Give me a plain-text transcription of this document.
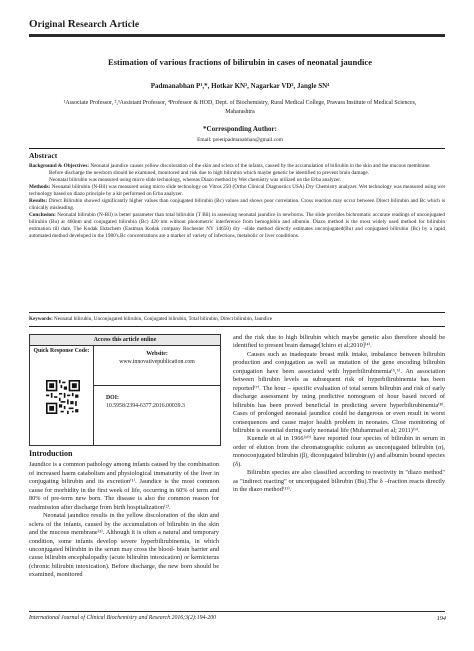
Original Research Article
Estimation of various fractions of bilirubin in cases of neonatal jaundice
Padmanabhan P¹,*, Hotkar KN², Nagarkar VD³, Jangle SN⁴
¹Associate Professor, ²,³Assistant Professor, ⁴Professor & HOD, Dept. of Biochemistry, Rural Medical College, Pravara Institute of Medical Sciences, Maharashtra
*Corresponding Author:
Email: preetipadmanabhan@gmail.com
Abstract

Background & Objectives: Neonatal jaundice causes yellow discoloration of the skin and sclera of the infants, caused by the accumulation of bilirubin in the skin and the mucous membrane.

Before discharge the newborn should be examined, monitored and risk due to high bilirubin which maybe genetic be identified to prevent brain damage.

Neonatal bilirubin was measured using micro slide technology, whereas Diazo method by Wet chemistry was utilized on the Erba analyzer.

Methods: Neonatal bilirubin (N-Bil) was measured using micro slide technology on Vitros 250 (Ortho Clinical Diagnostics USA) Dry Chemistry analyzer. Wet technology was measured using wet technology based on diazo principle by a kit performed on Erba analyzer.

Results: Direct Bilirubin showed significantly higher values than conjugated bilirubin (Bc) values and shows poor correlation. Cross reaction may occur between Direct bilirubin and Bc which is clinically misleading.

Conclusion: Neonatal bilirubin (N-Bil) is better parameter than total bilirubin (T Bil) in assessing neonatal jaundice in newborns. The slide provides bichromatic accurate readings of unconjugated bilirubin (Bu) at 460nm and conjugated bilirubin (Bc) 420 nm without photometric interference from hemoglobin and albumin. Diazo method is the most widely used method for bilirubin estimation till date. The Kodak Ektachem (Eastman Kodak company Rochester NY 14650) dry –slide method directly estimates unconjugated(Bu) and conjugated bilirubin (Bc) by a rapid automated method developed in the 1980's.Bc concentrations are a marker of variety of infections, metabolic or liver conditions.

Keywords: Neonatal bilirubin, Unconjugated bilirubin, Conjugated bilirubin, Total bilirubin, Direct bilirubin, Jaundice
Access this article online
Quick Response Code:	Website:
www.innovativepublication.com
DOI:
10.5958/2394-6377.2016.00039.3
Introduction

Jaundice is a common pathology among infants caused by the combination of increased haem catabolism and physiological immaturity of the liver in conjugating bilirubin and its excretion⁽¹⁾. Jaundice is the most common cause for morbidity in the first week of life, occurring in 60% of term and 80% of pre-term new born. The disease is also the common reason for readmission after discharge from birth hospitalization⁽²⁾.

Neonatal jaundice results in the yellow discoloration of the skin and sclera of the infants, caused by the accumulation of bilirubin in the skin and the mucous membrane⁽³⁾. Although it is often a natural and temporary condition, some infants develop severe hyperbilirubinemia, in which unconjugated bilirubin in the serum may cross the blood- brain barrier and cause bilirubin encephalopathy (acute bilirubin intoxication) or kernicterus (chronic bilirubin intoxication). Before discharge, the new born should be examined, monitored

and the risk due to high bilirubin which maybe genetic also therefore should be identified to present brain damage[Ichiro et al;2010]⁽⁴⁾.

Causes such as inadequate breast milk intake, imbalance between bilirubin production and conjugation as well as mutation of the gene encoding bilirubin conjugation have been associated with hyperbilirubinemia⁽⁵,⁶⁾. An association between bilirubin levels as subsequent risk of hyperbilirubinemia has been reported⁽⁷⁾. The hour – specific evaluation of total serum bilirubin and risk of early discharge assessment by using predictive nomogram of hour based record of bilirubin has been proved beneficial in predicting severe hyperbilirubinemia⁽⁸⁾. Cases of prolonged neonatal jaundice could be dangerous or even result in worst consequences and cause major health problem in neonates. Close monitoring of bilirubin is essential during early neonatal life (Muhammad et al; 2011)⁽⁹⁾.

Kuenzle et al in 1966⁽¹⁰⁾ have reported four species of bilirubin in serum in order of elution from the chromatographic column as unconjugated bilirubin (α), monoconjugated bilirubin (β), diconjugated bilirubin (γ) and albumin bound species (δ).

Bilirubin species are also classified according to reactivity in "diazo method" as "indirect reacting" or unconjugated bilirubin (Bu).The δ –fraction reacts directly in the diazo method⁽¹¹⁾.

International Journal of Clinical Biochemistry and Research 2016;3(2):194-200	194
